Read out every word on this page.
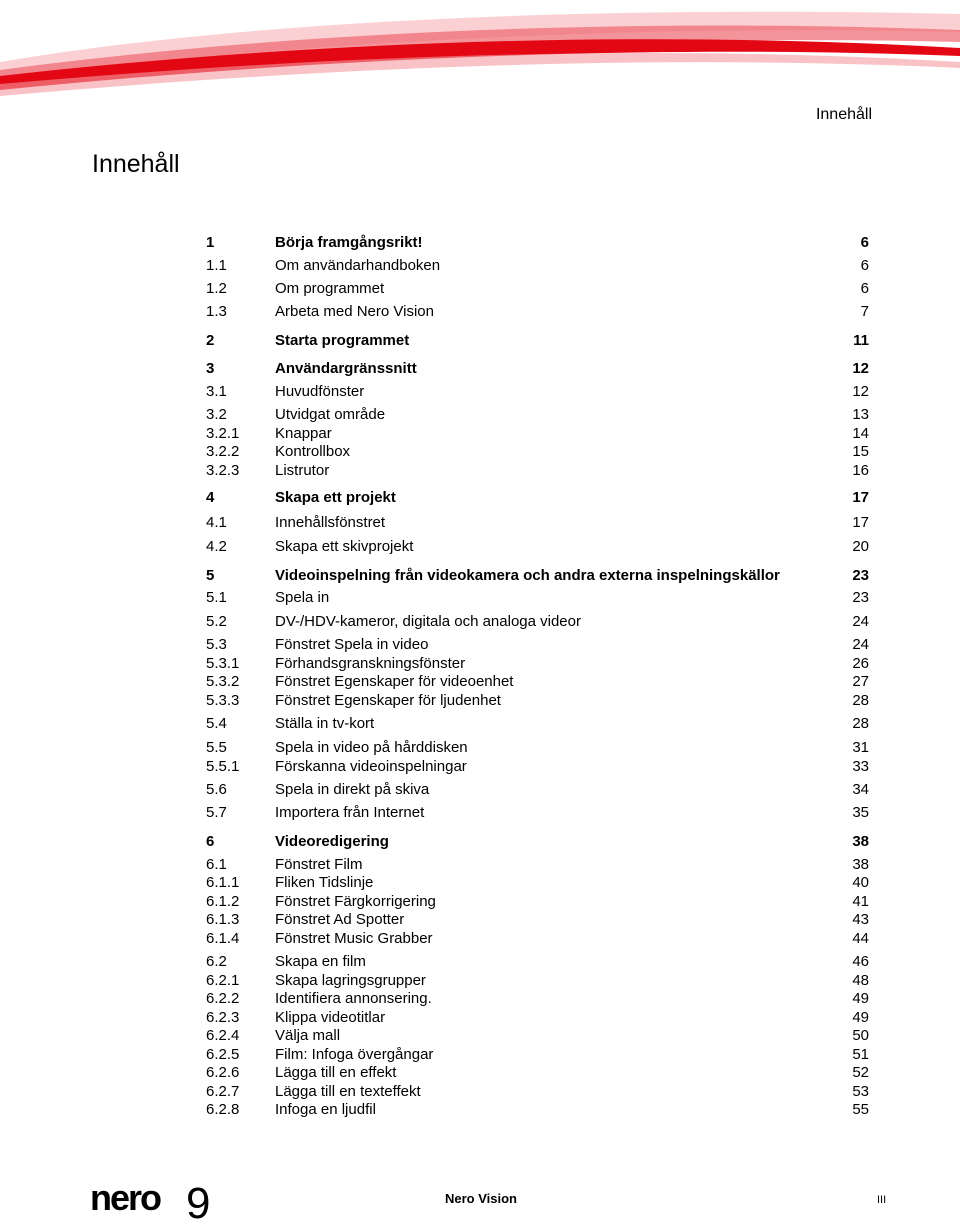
Innehåll
Innehåll
1	Börja framgångsrikt!	6
1.1	Om användarhandboken	6
1.2	Om programmet	6
1.3	Arbeta med Nero Vision	7
2	Starta programmet	11
3	Användargränssnitt	12
3.1	Huvudfönster	12
3.2	Utvidgat område	13
3.2.1 Knappar	14
3.2.2 Kontrollbox	15
3.2.3 Listrutor	16
4	Skapa ett projekt	17
4.1	Innehållsfönstret	17
4.2	Skapa ett skivprojekt	20
5	Videoinspelning från videokamera och andra externa inspelningskällor	23
5.1	Spela in	23
5.2	DV-/HDV-kameror, digitala och analoga videor	24
5.3	Fönstret Spela in video	24
5.3.1 Förhandsgranskningsfönster	26
5.3.2 Fönstret Egenskaper för videoenhet	27
5.3.3 Fönstret Egenskaper för ljudenhet	28
5.4	Ställa in tv-kort	28
5.5	Spela in video på hårddisken	31
5.5.1 Förskanna videoinspelningar	33
5.6	Spela in direkt på skiva	34
5.7	Importera från Internet	35
6	Videoredigering	38
6.1	Fönstret Film	38
6.1.1 Fliken Tidslinje	40
6.1.2 Fönstret Färgkorrigering	41
6.1.3 Fönstret Ad Spotter	43
6.1.4 Fönstret Music Grabber	44
6.2	Skapa en film	46
6.2.1 Skapa lagringsgrupper	48
6.2.2 Identifiera annonsering.	49
6.2.3 Klippa videotitlar	49
6.2.4 Välja mall	50
6.2.5 Film: Infoga övergångar	51
6.2.6 Lägga till en effekt	52
6.2.7 Lägga till en texteffekt	53
6.2.8 Infoga en ljudfil	55
nero 9	Nero Vision	III
